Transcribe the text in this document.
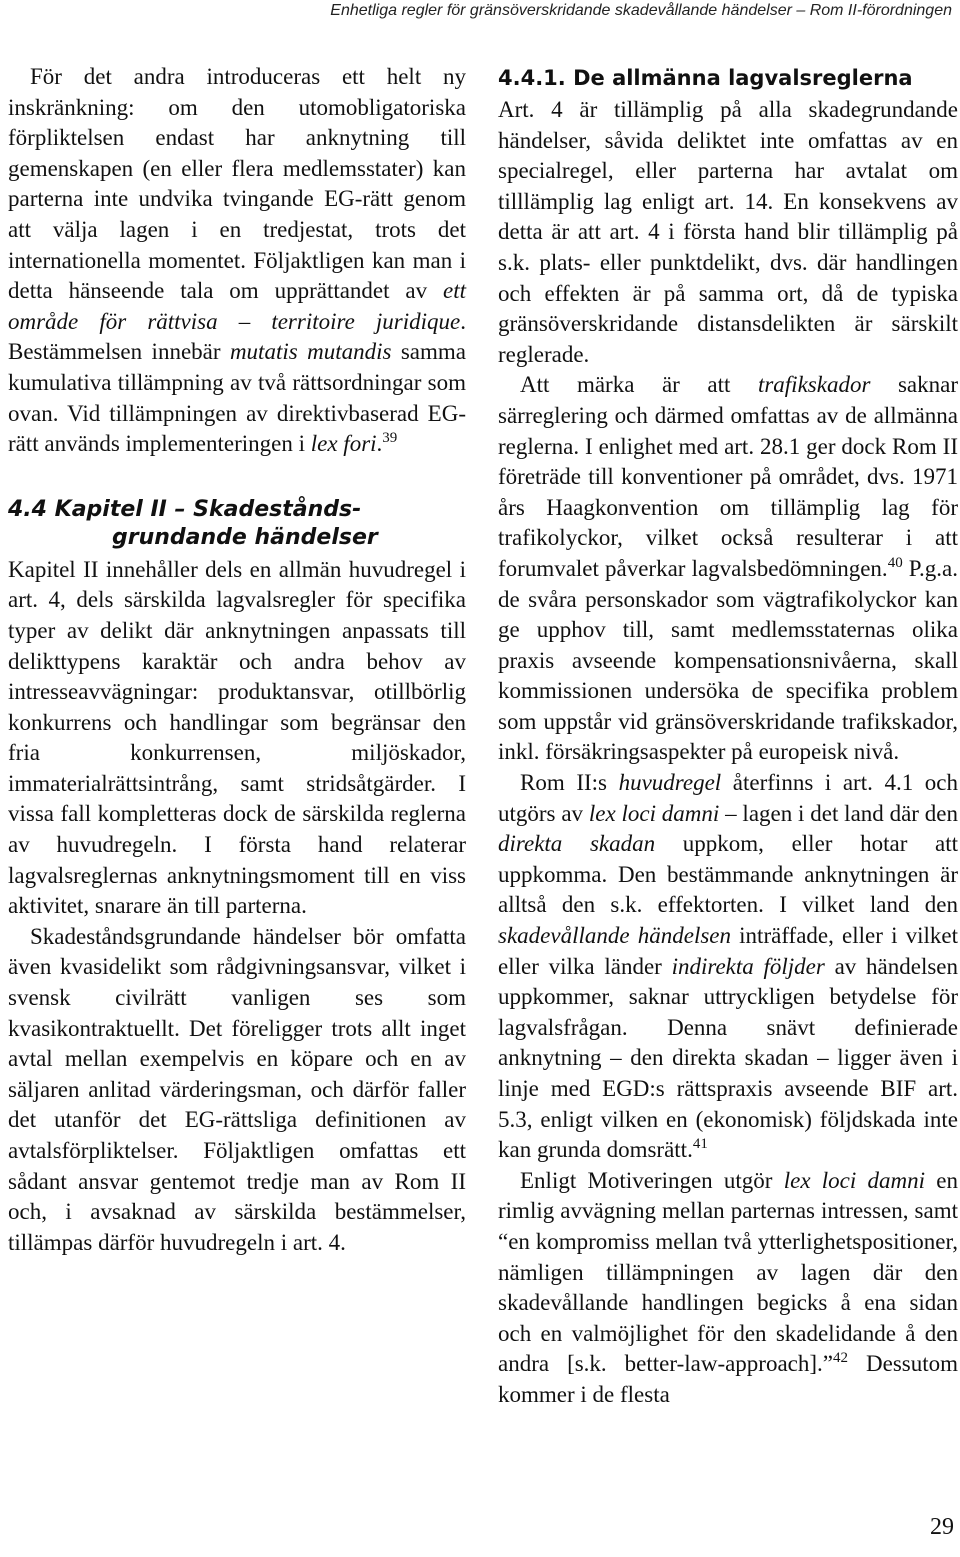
Enhetliga regler för gränsöverskridande skadevållande händelser – Rom II-förordningen

För det andra introduceras ett helt ny inskränkning: om den utomobligatoriska förpliktelsen endast har anknytning till gemenskapen (en eller flera medlemsstater) kan parterna inte undvika tvingande EG-rätt genom att välja lagen i en tredjestat, trots det internationella momentet. Följaktligen kan man i detta hänseende tala om upprättandet av ett område för rättvisa – territoire juridique. Bestämmelsen innebär mutatis mutandis samma kumulativa tillämpning av två rättsordningar som ovan. Vid tillämpningen av direktivbaserad EG-rätt används implementeringen i lex fori.$^{39}$

4.4 Kapitel II – Skadestånds-
grundande händelser

Kapitel II innehåller dels en allmän huvudregel i art. 4, dels särskilda lagvalsregler för specifika typer av delikt där anknytningen anpassats till delikttypens karaktär och andra behov av intresseavvägningar: produktansvar, otillbörlig konkurrens och handlingar som begränsar den fria konkurrensen, miljöskador, immaterialrättsintrång, samt stridsåtgärder. I vissa fall kompletteras dock de särskilda reglerna av huvudregeln. I första hand relaterar lagvalsreglernas anknytningsmoment till en viss aktivitet, snarare än till parterna.

Skadeståndsgrundande händelser bör omfatta även kvasidelikt som rådgivningsansvar, vilket i svensk civilrätt vanligen ses som kvasikontraktuellt. Det föreligger trots allt inget avtal mellan exempelvis en köpare och en av säljaren anlitad värderingsman, och därför faller det utanför det EG-rättsliga definitionen av avtalsförpliktelser. Följaktligen omfattas ett sådant ansvar gentemot tredje man av Rom II och, i avsaknad av särskilda bestämmelser, tillämpas därför huvudregeln i art. 4.

4.4.1. De allmänna lagvalsreglerna

Art. 4 är tillämplig på alla skadegrundande händelser, såvida deliktet inte omfattas av en specialregel, eller parterna har avtalat om tilllämplig lag enligt art. 14. En konsekvens av detta är att art. 4 i första hand blir tillämplig på s.k. plats- eller punktdelikt, dvs. där handlingen och effekten är på samma ort, då de typiska gränsöverskridande distansdelikten är särskilt reglerade.

Att märka är att trafikskador saknar särreglering och därmed omfattas av de allmänna reglerna. I enlighet med art. 28.1 ger dock Rom II företräde till konventioner på området, dvs. 1971 års Haagkonvention om tillämplig lag för trafikolyckor, vilket också resulterar i att forumvalet påverkar lagvalsbedömningen.$^{40}$ P.g.a. de svåra personskador som vägtrafikolyckor kan ge upphov till, samt medlemsstaternas olika praxis avseende kompensationsnivåerna, skall kommissionen undersöka de specifika problem som uppstår vid gränsöverskridande trafikskador, inkl. försäkringsaspekter på europeisk nivå.

Rom II:s huvudregel återfinns i art. 4.1 och utgörs av lex loci damni – lagen i det land där den direkta skadan uppkom, eller hotar att uppkomma. Den bestämmande anknytningen är alltså den s.k. effektorten. I vilket land den skadevållande händelsen inträffade, eller i vilket eller vilka länder indirekta följder av händelsen uppkommer, saknar uttryckligen betydelse för lagvalsfrågan. Denna snävt definierade anknytning – den direkta skadan – ligger även i linje med EGD:s rättspraxis avseende BIF art. 5.3, enligt vilken en (ekonomisk) följdskada inte kan grunda domsrätt.$^{41}$

Enligt Motiveringen utgör lex loci damni en rimlig avvägning mellan parternas intressen, samt “en kompromiss mellan två ytterlighetspositioner, nämligen tillämpningen av lagen där den skadevållande handlingen begicks å ena sidan och en valmöjlighet för den skadelidande å den andra [s.k. better-law-approach].”$^{42}$ Dessutom kommer i de flesta

29
